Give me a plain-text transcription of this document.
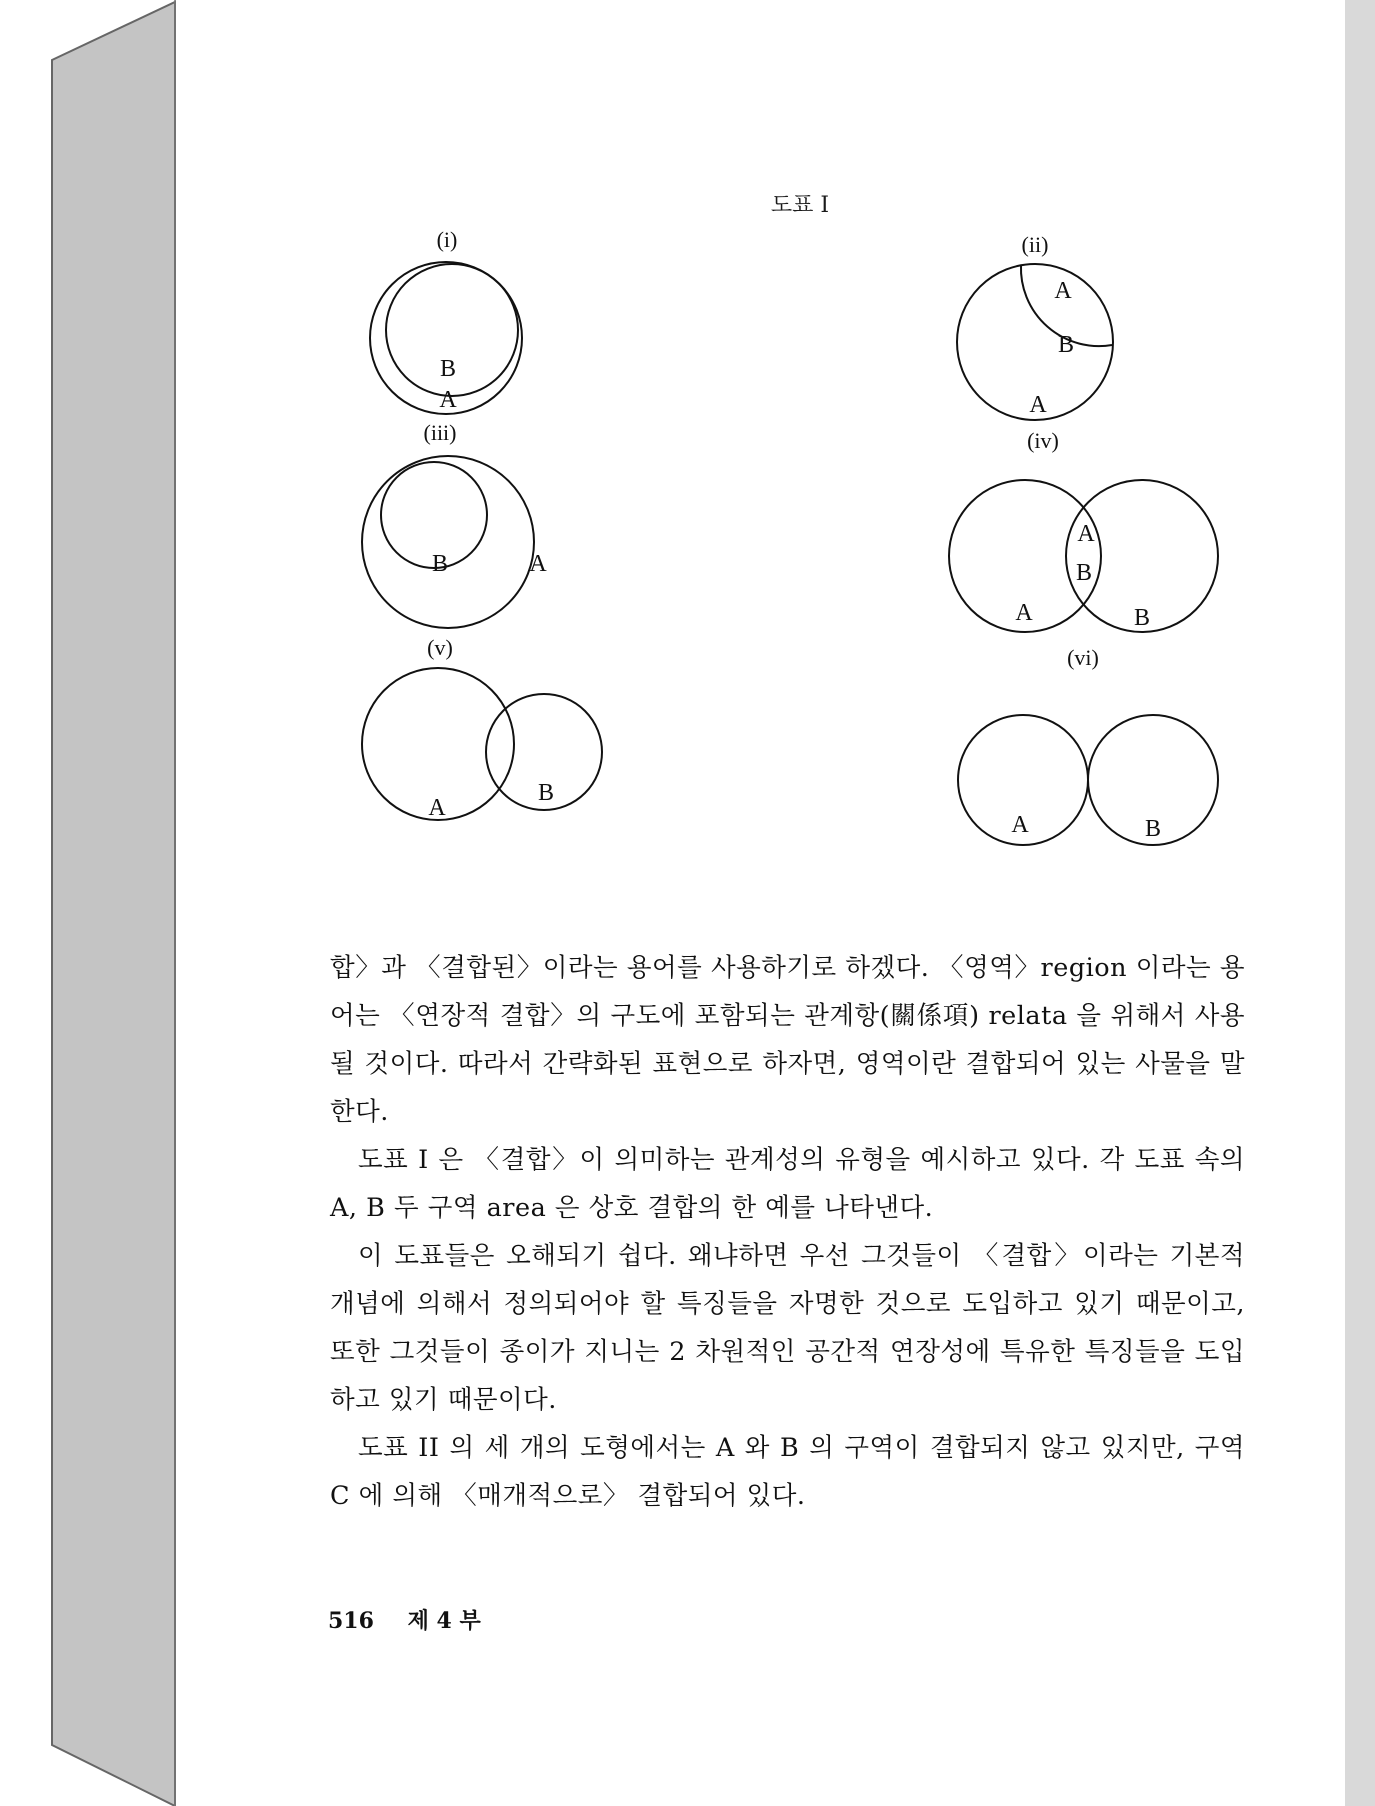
(i)
B
A
(ii)
A
B
A
(iii)
B	A
(iv)
A
B
A	B
(v)
A
B
(vi)
A	B
도표 I

합〉과 〈결합된〉이라는 용어를 사용하기로 하겠다. 〈영역〉region 이라는 용어는 〈연장적 결합〉의 구도에 포함되는 관계항(關係項) relata 을 위해서 사용될 것이다. 따라서 간략화된 표현으로 하자면, 영역이란 결합되어 있는 사물을 말한다.

도표 I 은 〈결합〉이 의미하는 관계성의 유형을 예시하고 있다. 각 도표 속의 A, B 두 구역 area 은 상호 결합의 한 예를 나타낸다.

이 도표들은 오해되기 쉽다. 왜냐하면 우선 그것들이 〈결합〉이라는 기본적 개념에 의해서 정의되어야 할 특징들을 자명한 것으로 도입하고 있기 때문이고, 또한 그것들이 종이가 지니는 2 차원적인 공간적 연장성에 특유한 특징들을 도입하고 있기 때문이다.

도표 II 의 세 개의 도형에서는 A 와 B 의 구역이 결합되지 않고 있지만, 구역 C 에 의해 〈매개적으로〉 결합되어 있다.

516 제 4 부
